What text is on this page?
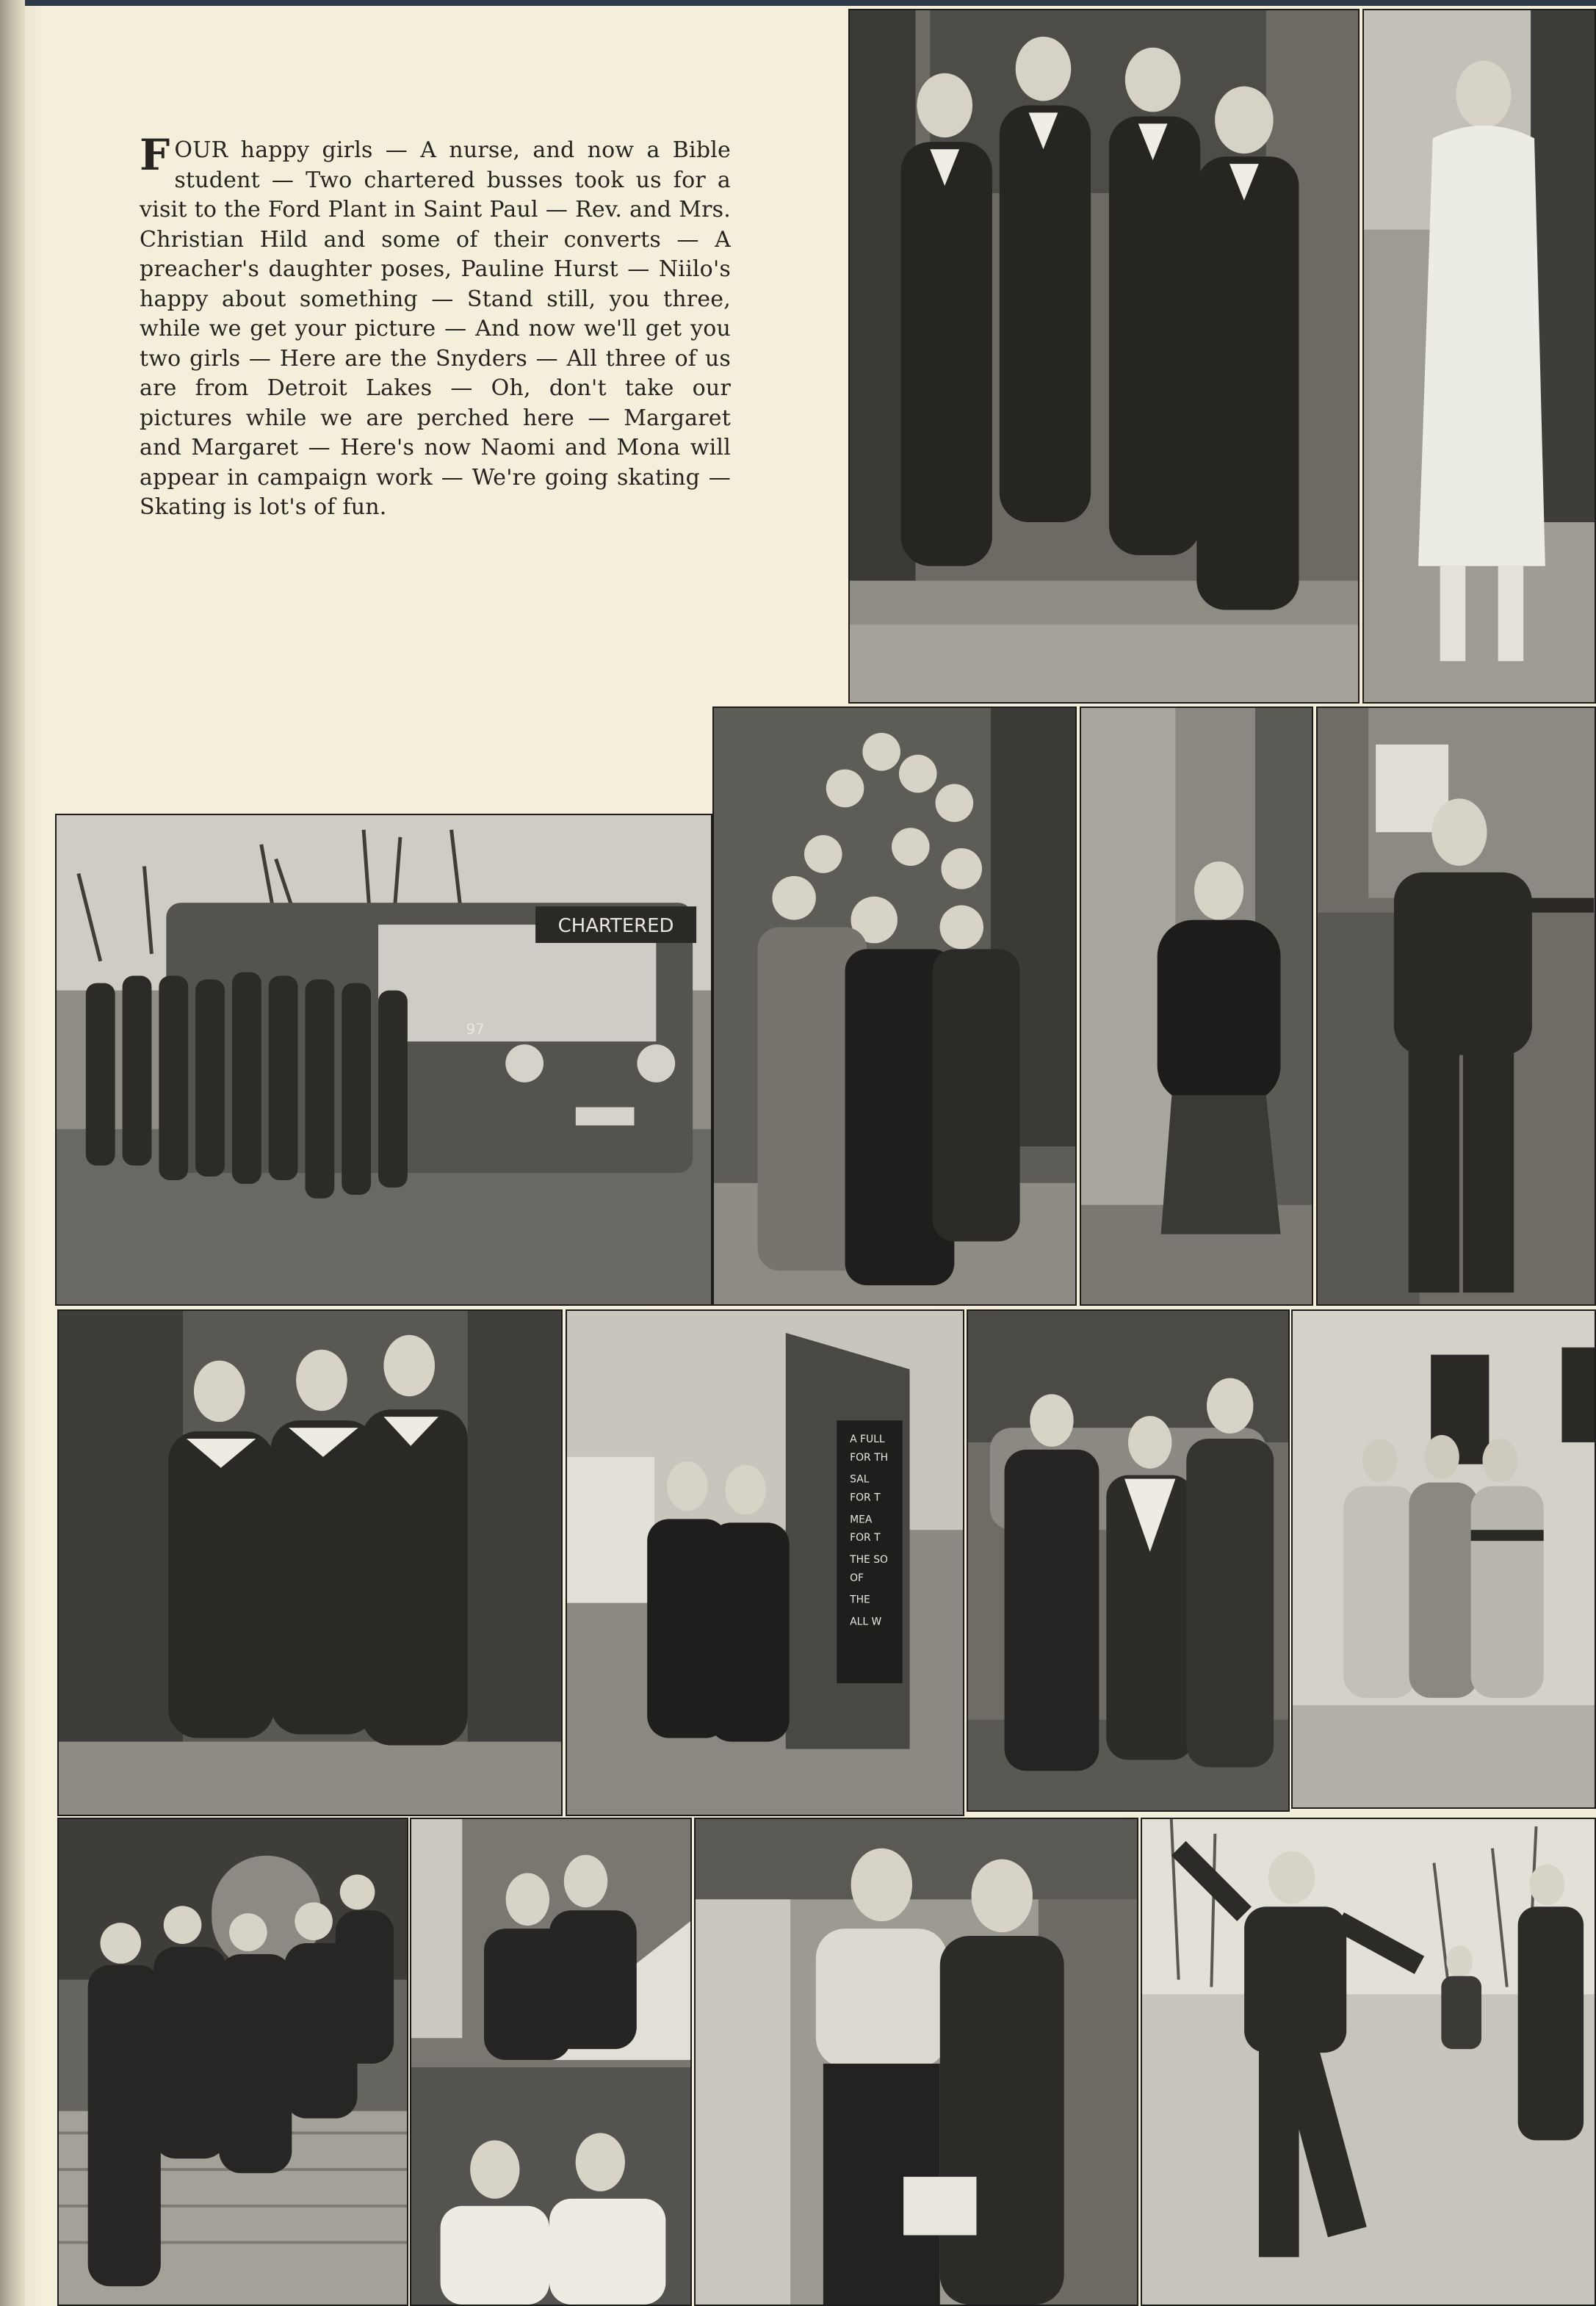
FOUR happy girls — A nurse, and now a Bible student — Two chartered busses took us for a visit to the Ford Plant in Saint Paul — Rev. and Mrs. Christian Hild and some of their converts — A preacher's daughter poses, Pauline Hurst — Niilo's happy about something — Stand still, you three, while we get your picture — And now we'll get you two girls — Here are the Snyders — All three of us are from Detroit Lakes — Oh, don't take our pictures while we are perched here — Margaret and Margaret — Here's now Naomi and Mona will appear in campaign work — We're going skating — Skating is lot's of fun.
CHARTERED
97
A FULL
FOR TH
SAL
FOR T
MEA
FOR T
THE SO
OF
THE
ALL W
